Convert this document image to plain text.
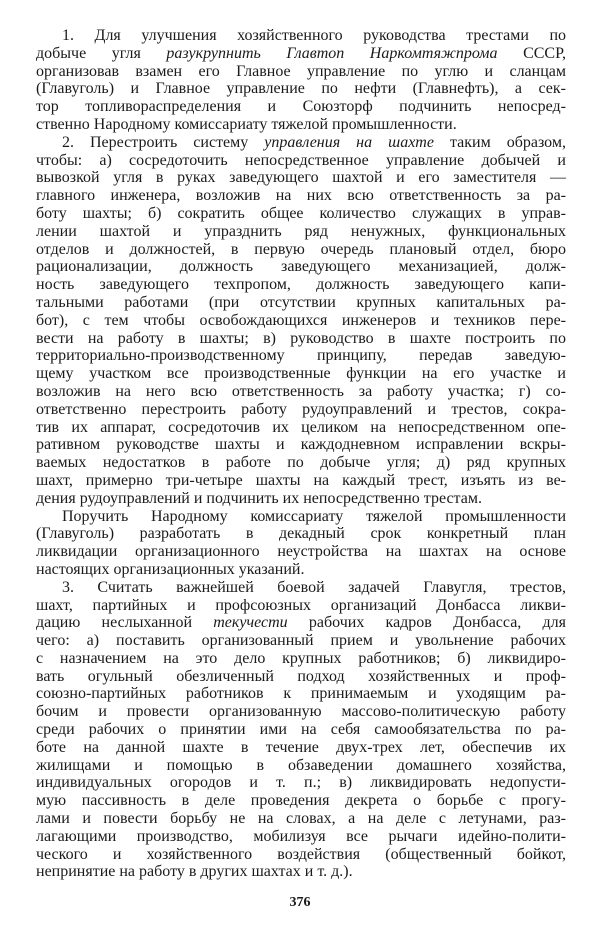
1. Для улучшения хозяйственного руководства трестами по
добыче угля разукрупнить Главтоп Наркомтяжпрома СССР,
организовав взамен его Главное управление по углю и сланцам
(Главуголь) и Главное управление по нефти (Главнефть), а сек-
тор топливораспределения и Союзторф подчинить непосред-
ственно Народному комиссариату тяжелой промышленности.
2. Перестроить систему управления на шахте таким образом,
чтобы: а) сосредоточить непосредственное управление добычей и
вывозкой угля в руках заведующего шахтой и его заместителя —
главного инженера, возложив на них всю ответственность за ра-
боту шахты; б) сократить общее количество служащих в управ-
лении шахтой и упразднить ряд ненужных, функциональных
отделов и должностей, в первую очередь плановый отдел, бюро
рационализации, должность заведующего механизацией, долж-
ность заведующего техпропом, должность заведующего капи-
тальными работами (при отсутствии крупных капитальных ра-
бот), с тем чтобы освобождающихся инженеров и техников пере-
вести на работу в шахты; в) руководство в шахте построить по
территориально-производственному принципу, передав заведую-
щему участком все производственные функции на его участке и
возложив на него всю ответственность за работу участка; г) со-
ответственно перестроить работу рудоуправлений и трестов, сокра-
тив их аппарат, сосредоточив их целиком на непосредственном опе-
ративном руководстве шахты и каждодневном исправлении вскры-
ваемых недостатков в работе по добыче угля; д) ряд крупных
шахт, примерно три-четыре шахты на каждый трест, изъять из ве-
дения рудоуправлений и подчинить их непосредственно трестам.
Поручить Народному комиссариату тяжелой промышленности
(Главуголь) разработать в декадный срок конкретный план
ликвидации организационного неустройства на шахтах на основе
настоящих организационных указаний.
3. Считать важнейшей боевой задачей Главугля, трестов,
шахт, партийных и профсоюзных организаций Донбасса ликви-
дацию неслыханной текучести рабочих кадров Донбасса, для
чего: а) поставить организованный прием и увольнение рабочих
с назначением на это дело крупных работников; б) ликвидиро-
вать огульный обезличенный подход хозяйственных и проф-
союзно-партийных работников к принимаемым и уходящим ра-
бочим и провести организованную массово-политическую работу
среди рабочих о принятии ими на себя самообязательства по ра-
боте на данной шахте в течение двух-трех лет, обеспечив их
жилищами и помощью в обзаведении домашнего хозяйства,
индивидуальных огородов и т. п.; в) ликвидировать недопусти-
мую пассивность в деле проведения декрета о борьбе с прогу-
лами и повести борьбу не на словах, а на деле с летунами, раз-
лагающими производство, мобилизуя все рычаги идейно-полити-
ческого и хозяйственного воздействия (общественный бойкот,
непринятие на работу в других шахтах и т. д.).
376
